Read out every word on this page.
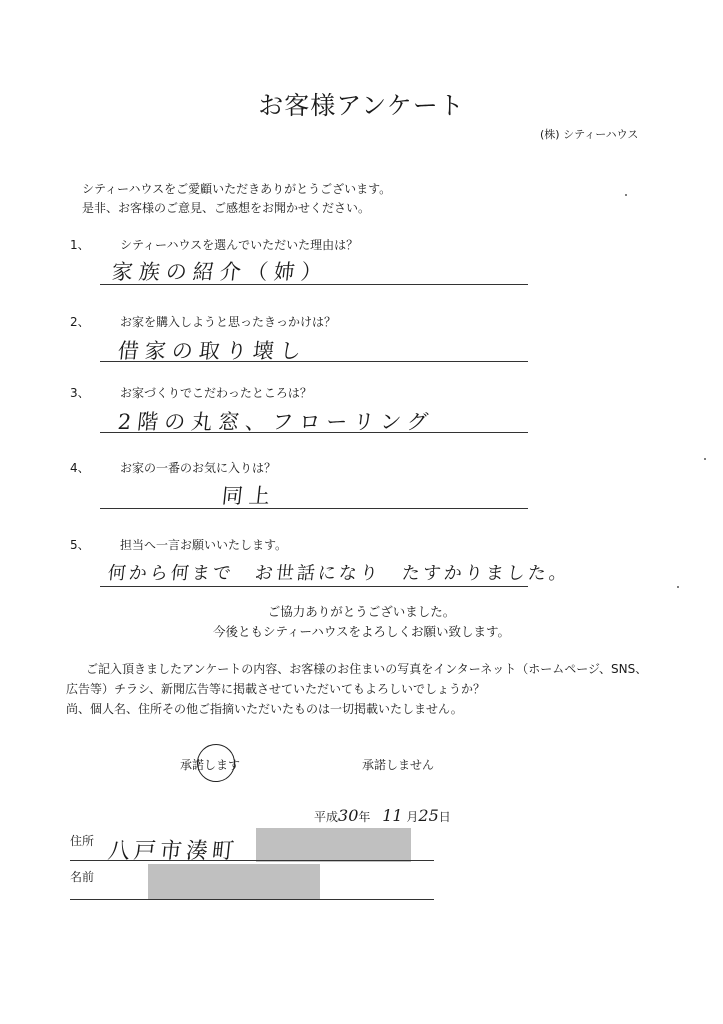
お客様アンケート
(株) シティーハウス
シティーハウスをご愛顧いただきありがとうございます。
是非、お客様のご意見、ご感想をお聞かせください。
1、	シティーハウスを選んでいただいた理由は？
家族の紹介（姉）
2、	お家を購入しようと思ったきっかけは？
借家の取り壊し
3、	お家づくりでこだわったところは？
2階の丸窓、フローリング
4、	お家の一番のお気に入りは？
同上
5、	担当へ一言お願いいたします。
何から何まで　お世話になり　たすかりました。
ご協力ありがとうございました。
今後ともシティーハウスをよろしくお願い致します。
ご記入頂きましたアンケートの内容、お客様のお住まいの写真をインターネット（ホームページ、SNS、
広告等）チラシ、新聞広告等に掲載させていただいてもよろしいでしょうか？
尚、個人名、住所その他ご指摘いただいたものは一切掲載いたしません。
承諾します	承諾しません
平成30年 11 月25日
住所 八戸市湊町
名前
